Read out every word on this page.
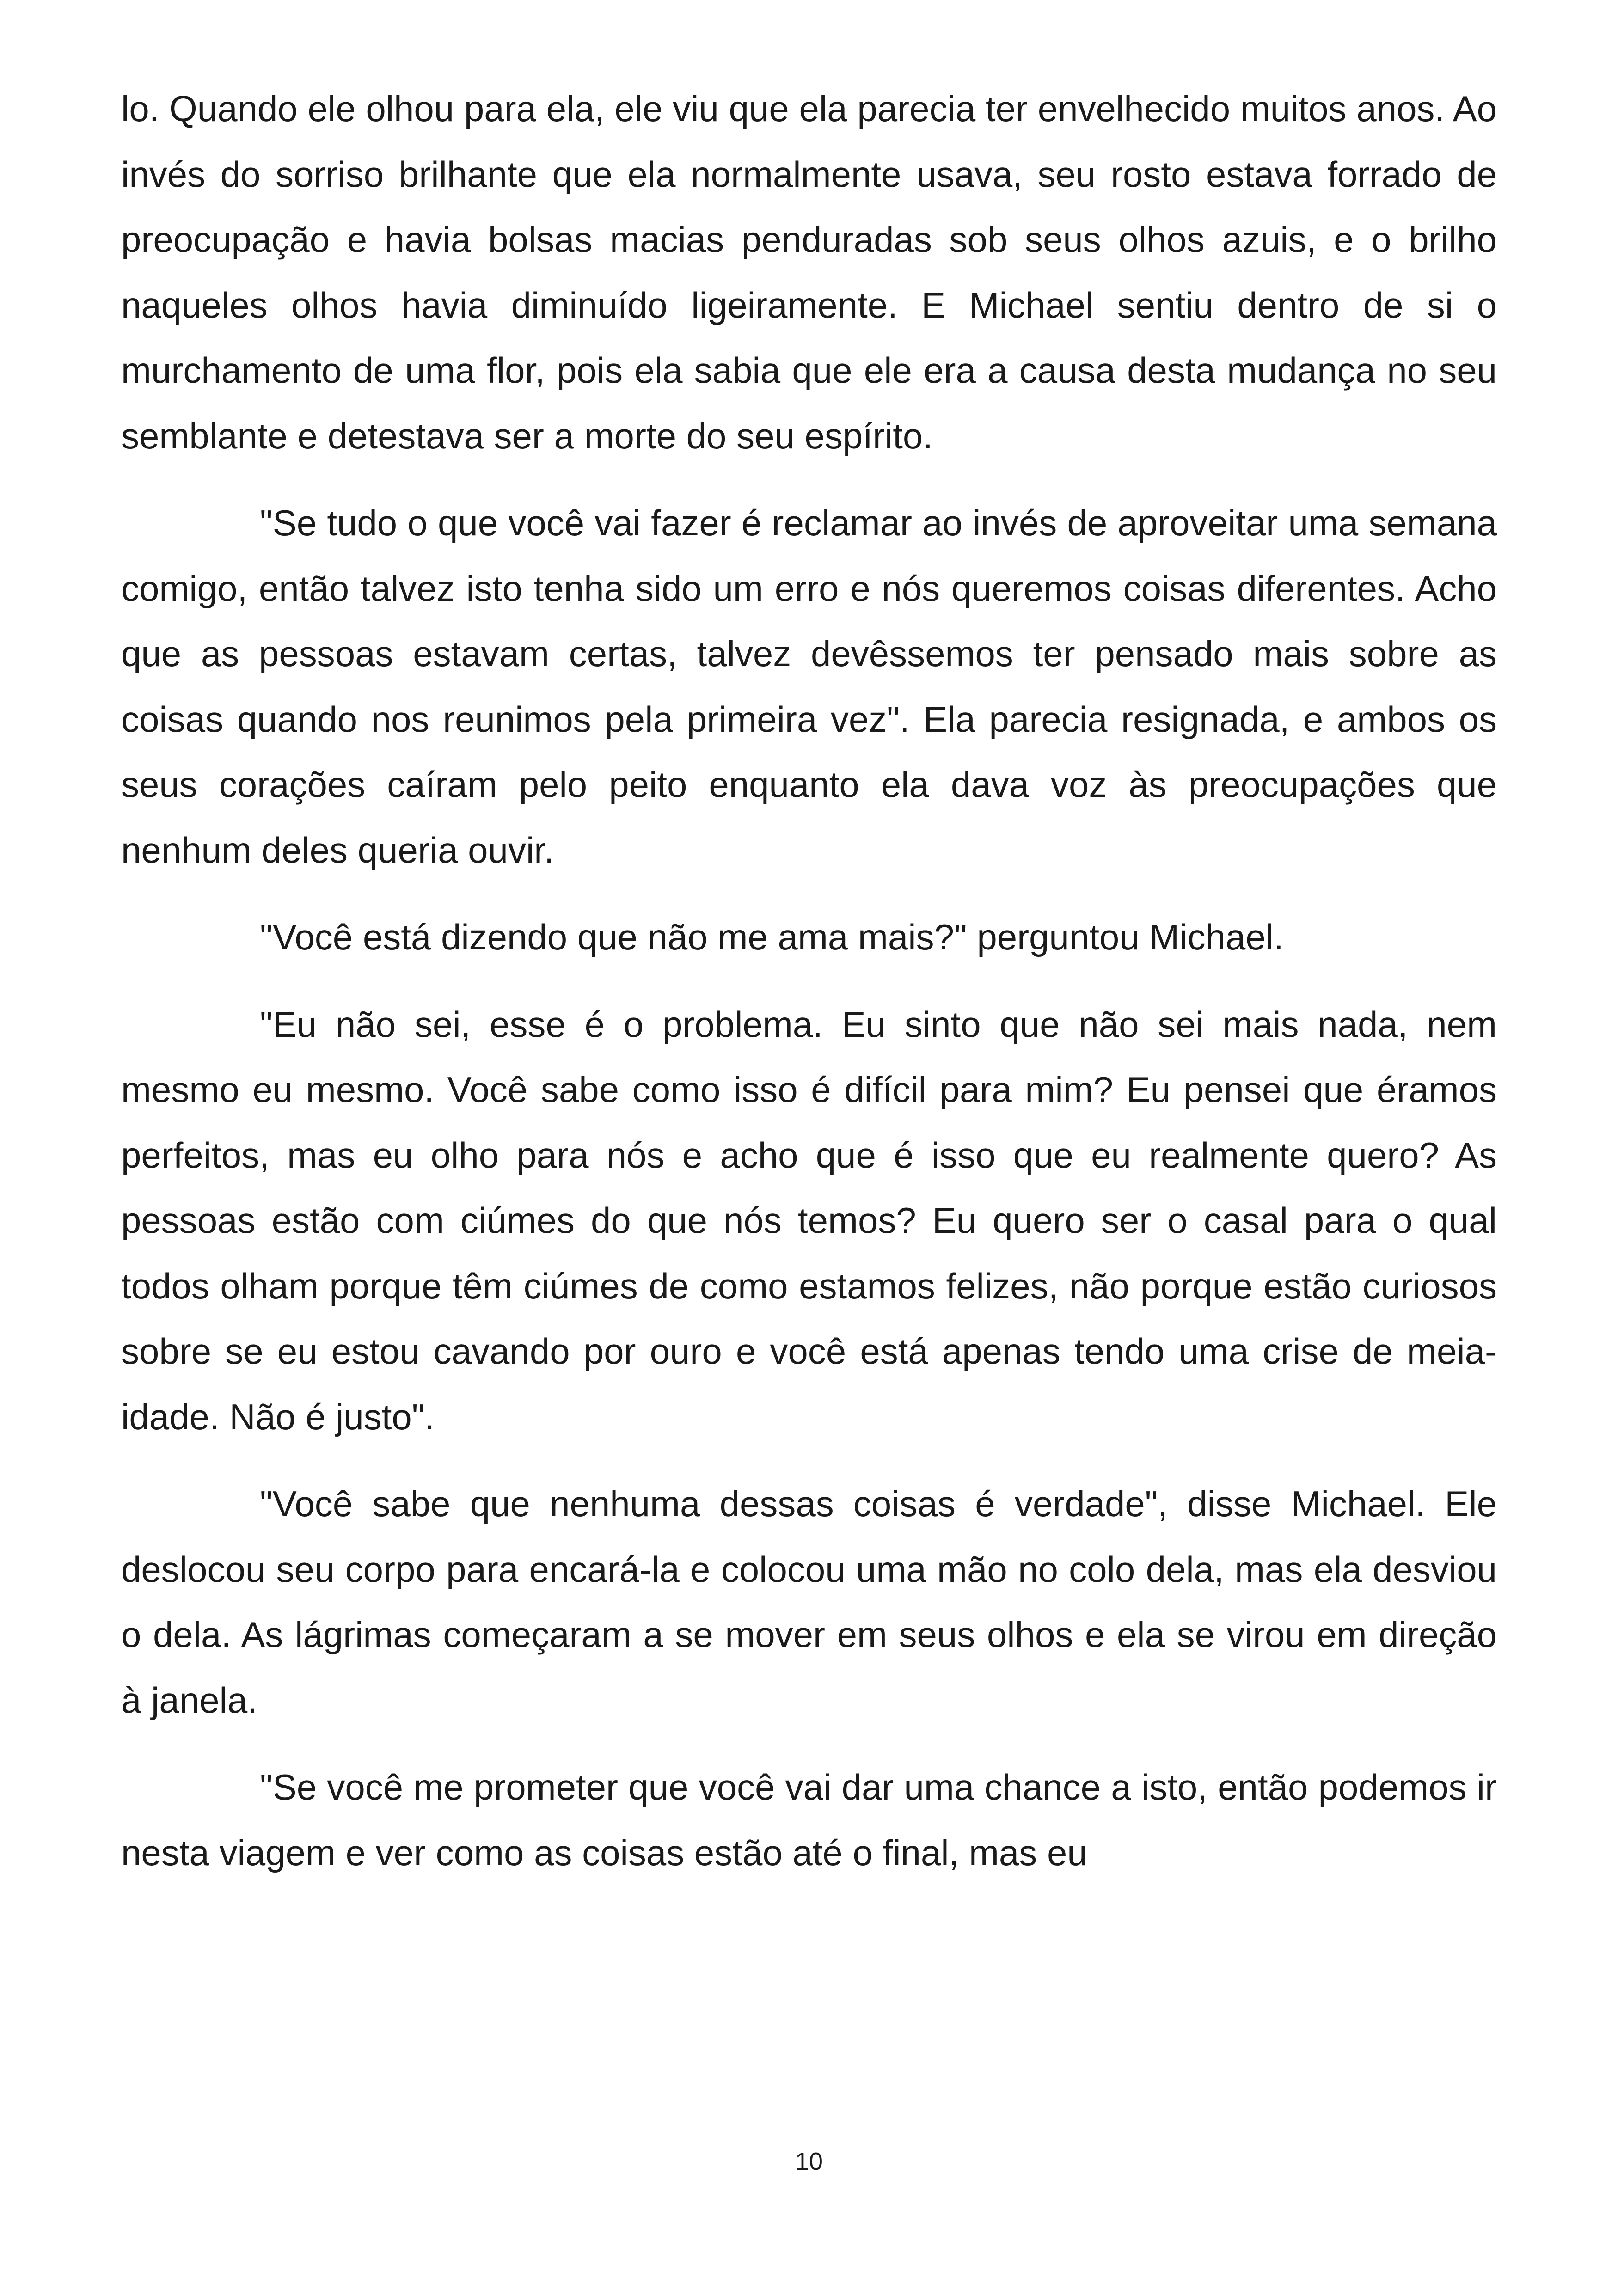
lo. Quando ele olhou para ela, ele viu que ela parecia ter envelhecido muitos anos. Ao invés do sorriso brilhante que ela normalmente usava, seu rosto estava forrado de preocupação e havia bolsas macias penduradas sob seus olhos azuis, e o brilho naqueles olhos havia diminuído ligeiramente. E Michael sentiu dentro de si o murchamento de uma flor, pois ela sabia que ele era a causa desta mudança no seu semblante e detestava ser a morte do seu espírito.

"Se tudo o que você vai fazer é reclamar ao invés de aproveitar uma semana comigo, então talvez isto tenha sido um erro e nós queremos coisas diferentes. Acho que as pessoas estavam certas, talvez devêssemos ter pensado mais sobre as coisas quando nos reunimos pela primeira vez". Ela parecia resignada, e ambos os seus corações caíram pelo peito enquanto ela dava voz às preocupações que nenhum deles queria ouvir.

"Você está dizendo que não me ama mais?" perguntou Michael.

"Eu não sei, esse é o problema. Eu sinto que não sei mais nada, nem mesmo eu mesmo. Você sabe como isso é difícil para mim? Eu pensei que éramos perfeitos, mas eu olho para nós e acho que é isso que eu realmente quero? As pessoas estão com ciúmes do que nós temos? Eu quero ser o casal para o qual todos olham porque têm ciúmes de como estamos felizes, não porque estão curiosos sobre se eu estou cavando por ouro e você está apenas tendo uma crise de meia-idade. Não é justo".

"Você sabe que nenhuma dessas coisas é verdade", disse Michael. Ele deslocou seu corpo para encará-la e colocou uma mão no colo dela, mas ela desviou o dela. As lágrimas começaram a se mover em seus olhos e ela se virou em direção à janela.

"Se você me prometer que você vai dar uma chance a isto, então podemos ir nesta viagem e ver como as coisas estão até o final, mas eu

10
